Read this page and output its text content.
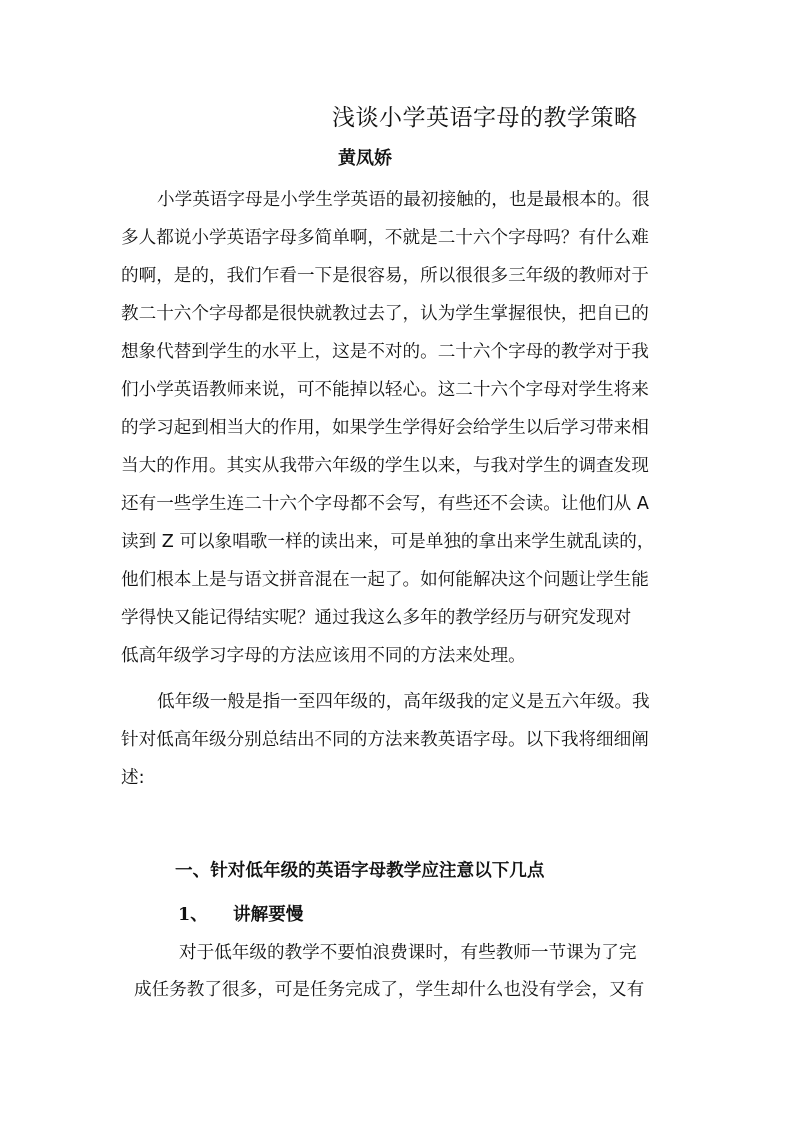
浅谈小学英语字母的教学策略
黄凤娇
小学英语字母是小学生学英语的最初接触的，也是最根本的。很
多人都说小学英语字母多简单啊，不就是二十六个字母吗？有什么难
的啊，是的，我们乍看一下是很容易，所以很很多三年级的教师对于
教二十六个字母都是很快就教过去了，认为学生掌握很快，把自已的
想象代替到学生的水平上，这是不对的。二十六个字母的教学对于我
们小学英语教师来说，可不能掉以轻心。这二十六个字母对学生将来
的学习起到相当大的作用，如果学生学得好会给学生以后学习带来相
当大的作用。其实从我带六年级的学生以来，与我对学生的调查发现
还有一些学生连二十六个字母都不会写，有些还不会读。让他们从 A
读到 Z 可以象唱歌一样的读出来，可是单独的拿出来学生就乱读的，
他们根本上是与语文拼音混在一起了。如何能解决这个问题让学生能
学得快又能记得结实呢？通过我这么多年的教学经历与研究发现对
低高年级学习字母的方法应该用不同的方法来处理。
低年级一般是指一至四年级的，高年级我的定义是五六年级。我
针对低高年级分别总结出不同的方法来教英语字母。以下我将细细阐
述:
一、针对低年级的英语字母教学应注意以下几点
1、 讲解要慢
对于低年级的教学不要怕浪费课时，有些教师一节课为了完
成任务教了很多，可是任务完成了，学生却什么也没有学会，又有
